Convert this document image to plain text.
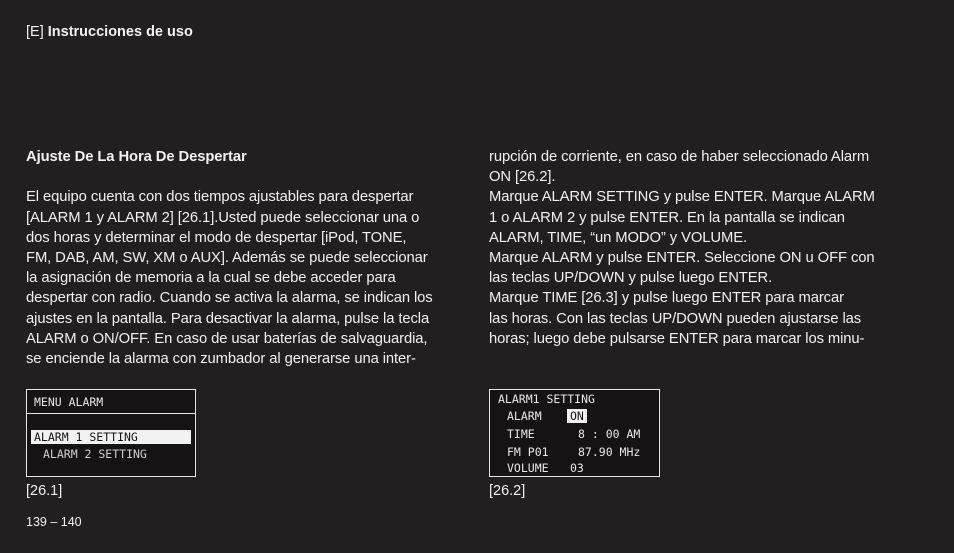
[E] Instrucciones de uso
Ajuste De La Hora De Despertar
El equipo cuenta con dos tiempos ajustables para despertar
[ALARM 1 y ALARM 2] [26.1].Usted puede seleccionar una o
dos horas y determinar el modo de despertar [iPod, TONE,
FM, DAB, AM, SW, XM o AUX]. Además se puede seleccionar
la asignación de memoria a la cual se debe acceder para
despertar con radio. Cuando se activa la alarma, se indican los
ajustes en la pantalla. Para desactivar la alarma, pulse la tecla
ALARM o ON/OFF. En caso de usar baterías de salvaguardia,
se enciende la alarma con zumbador al generarse una inter-
rupción de corriente, en caso de haber seleccionado Alarm
ON [26.2].
Marque ALARM SETTING y pulse ENTER. Marque ALARM
1 o ALARM 2 y pulse ENTER. En la pantalla se indican
ALARM, TIME, “un MODO” y VOLUME.
Marque ALARM y pulse ENTER. Seleccione ON u OFF con
las teclas UP/DOWN y pulse luego ENTER.
Marque TIME [26.3] y pulse luego ENTER para marcar
las horas. Con las teclas UP/DOWN pueden ajustarse las
horas; luego debe pulsarse ENTER para marcar los minu-
MENU ALARM
ALARM 1 SETTING
ALARM 2 SETTING
ALARM1 SETTING
ALARM ON
TIME	8 : 00 AM
FM P01	87.90 MHz
VOLUME 03
[26.1]	[26.2]
139 – 140
